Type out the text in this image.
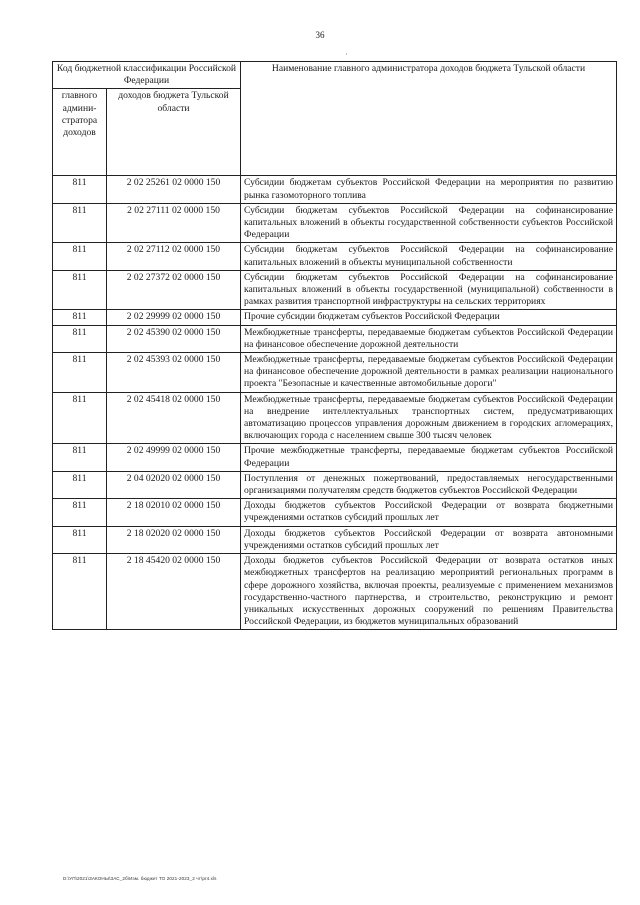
36
·
Код бюджетной классификации Российской Федерации		Наименование главного администратора доходов бюджета Тульской области
главного админи-стратора доходов	доходов бюджета Тульской области	
811	2 02 25261 02 0000 150	Субсидии бюджетам субъектов Российской Федерации на мероприятия по развитию рынка газомоторного топлива
811	2 02 27111 02 0000 150	Субсидии бюджетам субъектов Российской Федерации на софинансирование капитальных вложений в объекты государственной собственности субъектов Российской Федерации
811	2 02 27112 02 0000 150	Субсидии бюджетам субъектов Российской Федерации на софинансирование капитальных вложений в объекты муниципальной собственности
811	2 02 27372 02 0000 150	Субсидии бюджетам субъектов Российской Федерации на софинансирование капитальных вложений в объекты государственной (муниципальной) собственности в рамках развития транспортной инфраструктуры на сельских территориях
811	2 02 29999 02 0000 150	Прочие субсидии бюджетам субъектов Российской Федерации
811	2 02 45390 02 0000 150	Межбюджетные трансферты, передаваемые бюджетам субъектов Российской Федерации на финансовое обеспечение дорожной деятельности
811	2 02 45393 02 0000 150	Межбюджетные трансферты, передаваемые бюджетам субъектов Российской Федерации на финансовое обеспечение дорожной деятельности в рамках реализации национального проекта "Безопасные и качественные автомобильные дороги"
811	2 02 45418 02 0000 150	Межбюджетные трансферты, передаваемые бюджетам субъектов Российской Федерации на внедрение интеллектуальных транспортных систем, предусматривающих автоматизацию процессов управления дорожным движением в городских агломерациях, включающих города с населением свыше 300 тысяч человек
811	2 02 49999 02 0000 150	Прочие межбюджетные трансферты, передаваемые бюджетам субъектов Российской Федерации
811	2 04 02020 02 0000 150	Поступления от денежных пожертвований, предоставляемых негосударственными организациями получателям средств бюджетов субъектов Российской Федерации
811	2 18 02010 02 0000 150	Доходы бюджетов субъектов Российской Федерации от возврата бюджетными учреждениями остатков субсидий прошлых лет
811	2 18 02020 02 0000 150	Доходы бюджетов субъектов Российской Федерации от возврата автономными учреждениями остатков субсидий прошлых лет
811	2 18 45420 02 0000 150	Доходы бюджетов субъектов Российской Федерации от возврата остатков иных межбюджетных трансфертов на реализацию мероприятий региональных программ в сфере дорожного хозяйства, включая проекты, реализуемые с применением механизмов государственно-частного партнерства, и строительство, реконструкцию и ремонт уникальных искусственных дорожных сооружений по решениям Правительства Российской Федерации, из бюджетов муниципальных образований
D:\УП\2021\ЗАКОНЫ\ЗАС_2б\Изм. бюджет ТО 2021-2023_2 чт\pr4.xls
